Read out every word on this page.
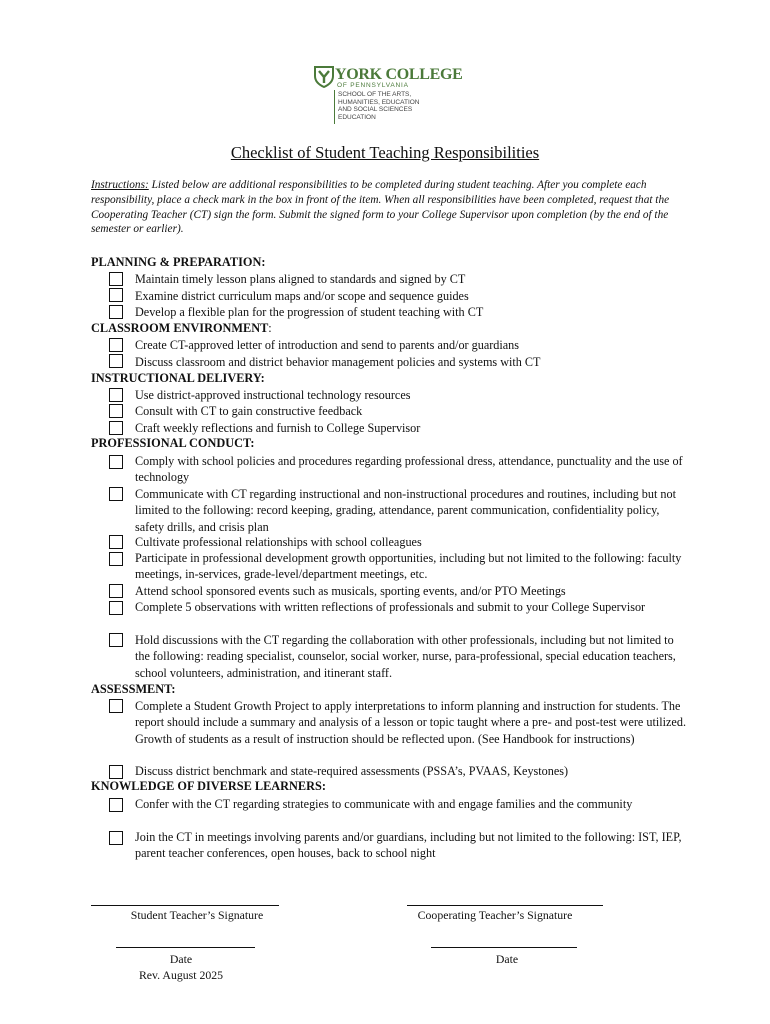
YORK COLLEGE
OF PENNSYLVANIA
SCHOOL OF THE ARTS,
HUMANITIES, EDUCATION
AND SOCIAL SCIENCES
EDUCATION
Checklist of Student Teaching Responsibilities
Instructions: Listed below are additional responsibilities to be completed during student teaching. After you complete each responsibility, place a check mark in the box in front of the item. When all responsibilities have been completed, request that the Cooperating Teacher (CT) sign the form. Submit the signed form to your College Supervisor upon completion (by the end of the semester or earlier).
PLANNING & PREPARATION:
Maintain timely lesson plans aligned to standards and signed by CT
Examine district curriculum maps and/or scope and sequence guides
Develop a flexible plan for the progression of student teaching with CT
CLASSROOM ENVIRONMENT:
Create CT-approved letter of introduction and send to parents and/or guardians
Discuss classroom and district behavior management policies and systems with CT
INSTRUCTIONAL DELIVERY:
Use district-approved instructional technology resources
Consult with CT to gain constructive feedback
Craft weekly reflections and furnish to College Supervisor
PROFESSIONAL CONDUCT:
Comply with school policies and procedures regarding professional dress, attendance, punctuality and the use of technology
Communicate with CT regarding instructional and non-instructional procedures and routines, including but not limited to the following: record keeping, grading, attendance, parent communication, confidentiality policy, safety drills, and crisis plan
Cultivate professional relationships with school colleagues
Participate in professional development growth opportunities, including but not limited to the following: faculty meetings, in-services, grade-level/department meetings, etc.
Attend school sponsored events such as musicals, sporting events, and/or PTO Meetings
Complete 5 observations with written reflections of professionals and submit to your College Supervisor
Hold discussions with the CT regarding the collaboration with other professionals, including but not limited to the following: reading specialist, counselor, social worker, nurse, para-professional, special education teachers, school volunteers, administration, and itinerant staff.
ASSESSMENT:
Complete a Student Growth Project to apply interpretations to inform planning and instruction for students. The report should include a summary and analysis of a lesson or topic taught where a pre- and post-test were utilized. Growth of students as a result of instruction should be reflected upon. (See Handbook for instructions)
Discuss district benchmark and state-required assessments (PSSA’s, PVAAS, Keystones)
KNOWLEDGE OF DIVERSE LEARNERS:
Confer with the CT regarding strategies to communicate with and engage families and the community
Join the CT in meetings involving parents and/or guardians, including but not limited to the following: IST, IEP, parent teacher conferences, open houses, back to school night
Student Teacher’s Signature	Cooperating Teacher’s Signature
Date	Date
Rev. August 2025
